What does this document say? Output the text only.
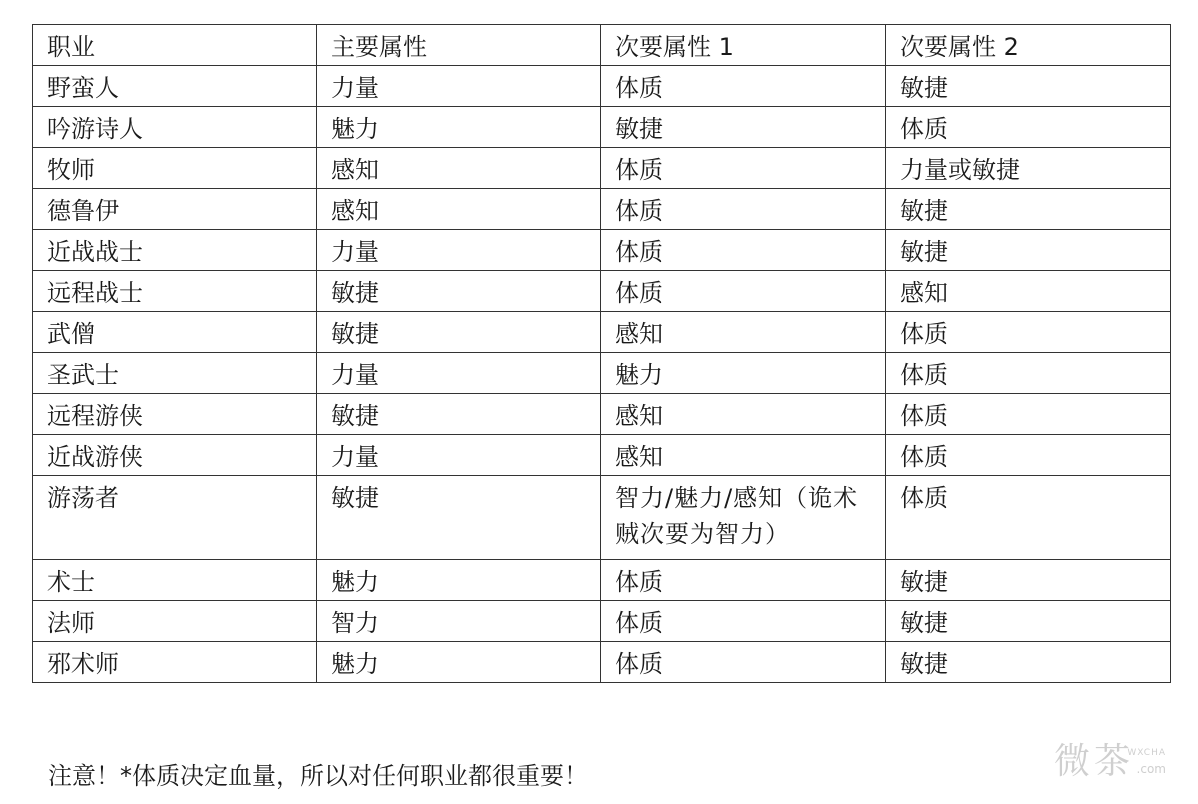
职业	主要属性	次要属性 1	次要属性 2
野蛮人	力量	体质	敏捷
吟游诗人	魅力	敏捷	体质
牧师	感知	体质	力量或敏捷
德鲁伊	感知	体质	敏捷
近战战士	力量	体质	敏捷
远程战士	敏捷	体质	感知
武僧	敏捷	感知	体质
圣武士	力量	魅力	体质
远程游侠	敏捷	感知	体质
近战游侠	力量	感知	体质
游荡者	敏捷	智力/魅力/感知（诡术贼次要为智力）	体质
术士	魅力	体质	敏捷
法师	智力	体质	敏捷
邪术师	魅力	体质	敏捷

注意！*体质决定血量，所以对任何职业都很重要！	微茶
WXCHA
.com
